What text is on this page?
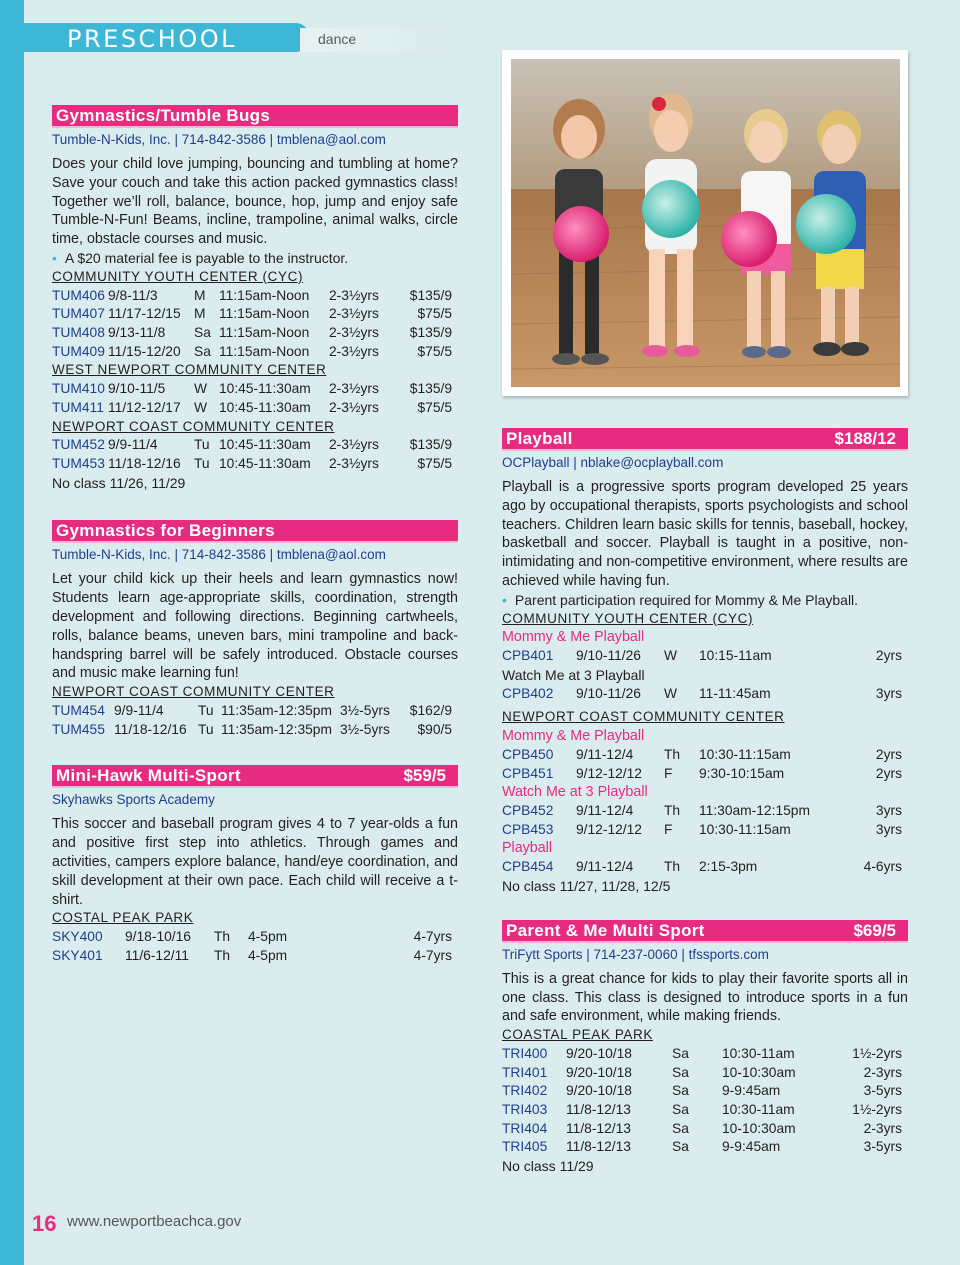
PRESCHOOL	dance
Gymnastics/Tumble Bugs
Tumble-N-Kids, Inc. | 714-842-3586 | tmblena@aol.com
Does your child love jumping, bouncing and tumbling at home? Save your couch and take this action packed gymnastics class! Together we’ll roll, balance, bounce, hop, jump and enjoy safe Tumble-N-Fun! Beams, incline, trampoline, animal walks, circle time, obstacle courses and music.
• A $20 material fee is payable to the instructor.
COMMUNITY YOUTH CENTER (CYC)
TUM406 9/8-11/3	M 11:15am-Noon 2-3½yrs $135/9
TUM407 11/17-12/15 M 11:15am-Noon 2-3½yrs	$75/5
TUM408 9/13-11/8 Sa 11:15am-Noon 2-3½yrs $135/9
TUM409 11/15-12/20 Sa 11:15am-Noon 2-3½yrs	$75/5
WEST NEWPORT COMMUNITY CENTER
TUM410 9/10-11/5 W 10:45-11:30am 2-3½yrs $135/9
TUM411 11/12-12/17 W 10:45-11:30am 2-3½yrs	$75/5
NEWPORT COAST COMMUNITY CENTER
TUM452 9/9-11/4	Tu 10:45-11:30am 2-3½yrs $135/9
TUM453 11/18-12/16 Tu 10:45-11:30am 2-3½yrs	$75/5
No class 11/26, 11/29
Gymnastics for Beginners
Tumble-N-Kids, Inc. | 714-842-3586 | tmblena@aol.com
Let your child kick up their heels and learn gymnastics now! Students learn age-appropriate skills, coordination, strength development and following directions. Beginning cartwheels, rolls, balance beams, uneven bars, mini trampoline and back-handspring barrel will be safely introduced. Obstacle courses and music make learning fun!
NEWPORT COAST COMMUNITY CENTER
TUM454 9/9-11/4 Tu 11:35am-12:35pm 3½-5yrs $162/9
TUM455 11/18-12/16 Tu 11:35am-12:35pm 3½-5yrs $90/5
Mini-Hawk Multi-Sport	$59/5
Skyhawks Sports Academy
This soccer and baseball program gives 4 to 7 year-olds a fun and positive first step into athletics. Through games and activities, campers explore balance, hand/eye coordination, and skill development at their own pace. Each child will receive a t-shirt.
COSTAL PEAK PARK
SKY400 9/18-10/16 Th 4-5pm	4-7yrs
SKY401 11/6-12/11 Th 4-5pm	4-7yrs
Playball	$188/12
OCPlayball | nblake@ocplayball.com
Playball is a progressive sports program developed 25 years ago by occupational therapists, sports psychologists and school teachers. Children learn basic skills for tennis, baseball, hockey, basketball and soccer. Playball is taught in a positive, non-intimidating and non-competitive environment, where results are achieved while having fun.
• Parent participation required for Mommy & Me Playball.
COMMUNITY YOUTH CENTER (CYC)
Mommy & Me Playball
CPB401 9/10-11/26 W 10:15-11am	2yrs
Watch Me at 3 Playball
CPB402 9/10-11/26 W 11-11:45am	3yrs
NEWPORT COAST COMMUNITY CENTER
Mommy & Me Playball
CPB450 9/11-12/4 Th 10:30-11:15am	2yrs
CPB451 9/12-12/12 F 9:30-10:15am	2yrs
Watch Me at 3 Playball
CPB452 9/11-12/4 Th 11:30am-12:15pm	3yrs
CPB453 9/12-12/12 F 10:30-11:15am	3yrs
Playball
CPB454 9/11-12/4 Th 2:15-3pm	4-6yrs
No class 11/27, 11/28, 12/5
Parent & Me Multi Sport	$69/5
TriFytt Sports | 714-237-0060 | tfssports.com
This is a great chance for kids to play their favorite sports all in one class. This class is designed to introduce sports in a fun and safe environment, while making friends.
COASTAL PEAK PARK
TRI400 9/20-10/18	Sa 10:30-11am	1½-2yrs
TRI401 9/20-10/18	Sa 10-10:30am	2-3yrs
TRI402 9/20-10/18	Sa 9-9:45am	3-5yrs
TRI403 11/8-12/13	Sa 10:30-11am	1½-2yrs
TRI404 11/8-12/13	Sa 10-10:30am	2-3yrs
TRI405 11/8-12/13	Sa 9-9:45am	3-5yrs
No class 11/29
16 www.newportbeachca.gov
